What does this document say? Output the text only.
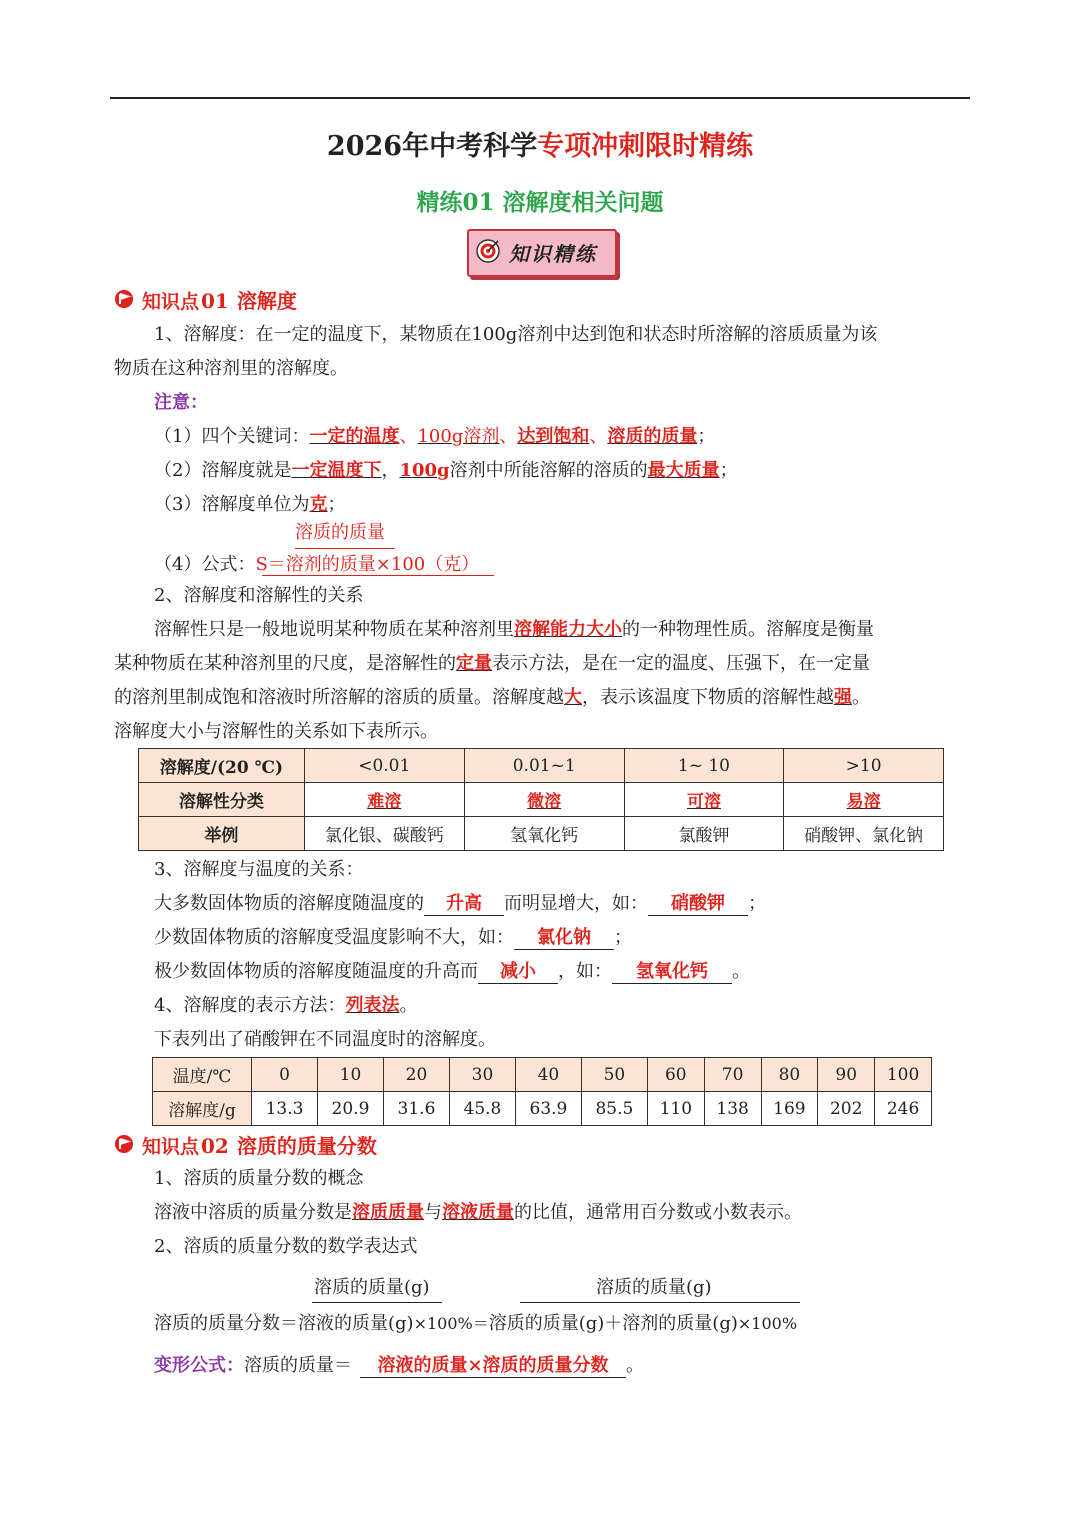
2026年中考科学专项冲刺限时精练
精练01 溶解度相关问题
知识精练
知识点 01 溶解度
1、溶解度：在一定的温度下，某物质在100g溶剂中达到饱和状态时所溶解的溶质质量为该
物质在这种溶剂里的溶解度。
注意：
（1）四个关键词：一定的温度、100g溶剂、达到饱和、溶质的质量；
（2）溶解度就是一定温度下，100g溶剂中所能溶解的溶质的最大质量；
（3）溶解度单位为克；
溶质的质量
（4）公式：S＝溶剂的质量×100（克）
2、溶解度和溶解性的关系
溶解性只是一般地说明某种物质在某种溶剂里溶解能力大小的一种物理性质。溶解度是衡量
某种物质在某种溶剂里的尺度，是溶解性的定量表示方法，是在一定的温度、压强下，在一定量
的溶剂里制成饱和溶液时所溶解的溶质的质量。溶解度越大，表示该温度下物质的溶解性越强。
溶解度大小与溶解性的关系如下表所示。
溶解度/(20 ℃)	<0.01	0.01~1	1~ 10	>10
溶解性分类	难溶	微溶	可溶	易溶
举例	氯化银、碳酸钙	氢氧化钙	氯酸钾	硝酸钾、氯化钠
3、溶解度与温度的关系：
大多数固体物质的溶解度随温度的 升高 而明显增大，如： 硝酸钾 ；
少数固体物质的溶解度受温度影响不大，如： 氯化钠 ；
极少数固体物质的溶解度随温度的升高而 减小 ，如： 氢氧化钙 。
4、溶解度的表示方法：列表法。
下表列出了硝酸钾在不同温度时的溶解度。
温度/℃	0	10	20	30	40	50	60	70	80	90	100
溶解度/g	13.3	20.9	31.6	45.8	63.9	85.5	110	138	169	202	246
知识点 02 溶质的质量分数
1、溶质的质量分数的概念
溶液中溶质的质量分数是溶质质量与溶液质量的比值，通常用百分数或小数表示。
2、溶质的质量分数的数学表达式
溶质的质量(g)	溶质的质量(g)
溶质的质量分数＝溶液的质量(g)×100%＝溶质的质量(g)＋溶剂的质量(g)×100%
变形公式：溶质的质量＝ 溶液的质量×溶质的质量分数 。
